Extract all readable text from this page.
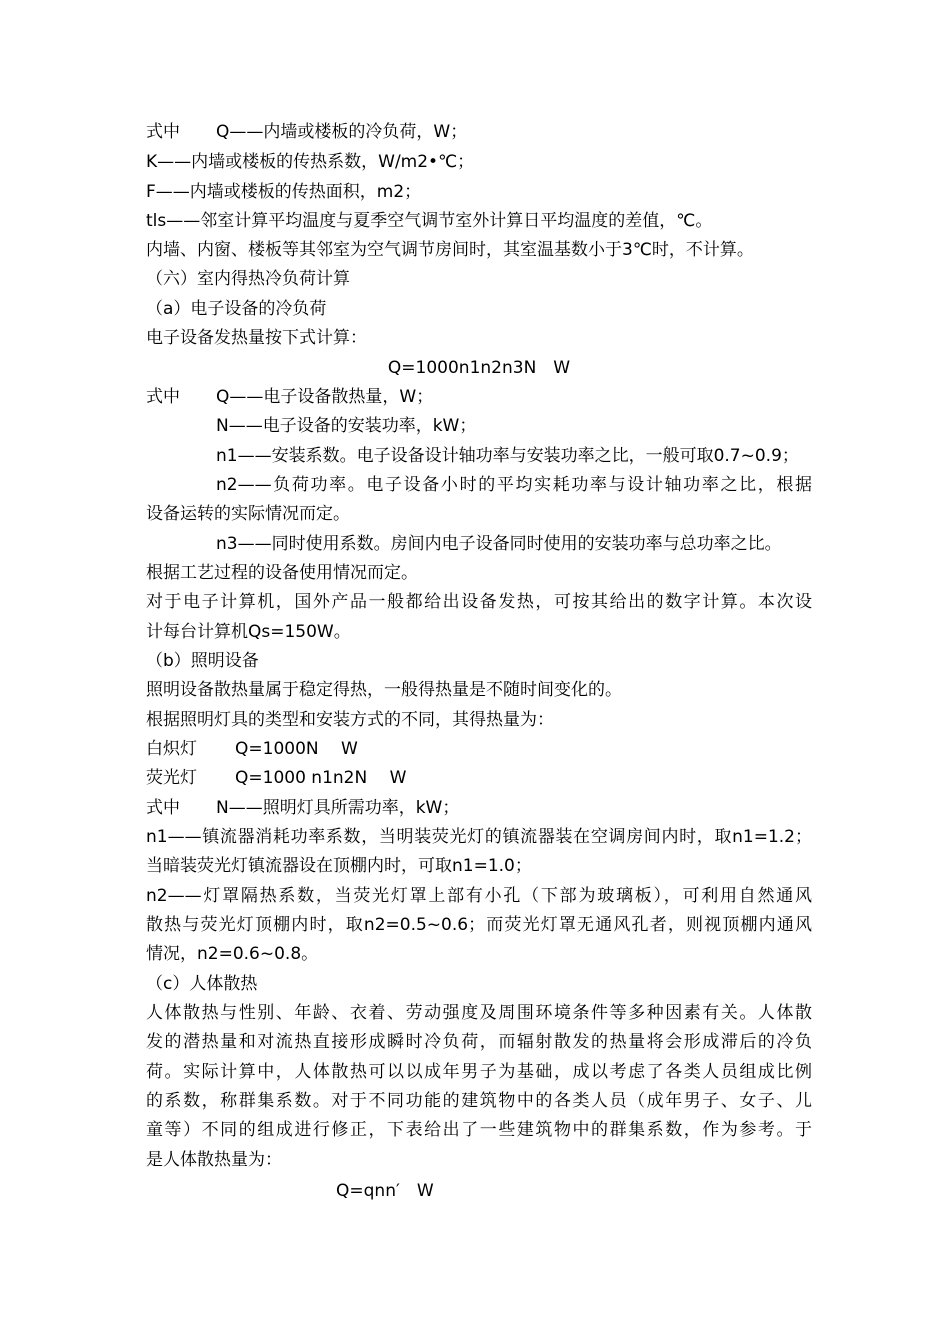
式中 Q——内墙或楼板的冷负荷，W；
K——内墙或楼板的传热系数，W/m2•℃；
F——内墙或楼板的传热面积，m2；
tls——邻室计算平均温度与夏季空气调节室外计算日平均温度的差值，℃。
内墙、内窗、楼板等其邻室为空气调节房间时，其室温基数小于3℃时，不计算。
（六）室内得热冷负荷计算
（a）电子设备的冷负荷
电子设备发热量按下式计算：
Q=1000n1n2n3N　W
式中 Q——电子设备散热量，W；
N——电子设备的安装功率，kW；
n1——安装系数。电子设备设计轴功率与安装功率之比，一般可取0.7~0.9；
n2——负荷功率。电子设备小时的平均实耗功率与设计轴功率之比，根据
设备运转的实际情况而定。
n3——同时使用系数。房间内电子设备同时使用的安装功率与总功率之比。
根据工艺过程的设备使用情况而定。
对于电子计算机，国外产品一般都给出设备发热，可按其给出的数字计算。本次设
计每台计算机Qs=150W。
（b）照明设备
照明设备散热量属于稳定得热，一般得热量是不随时间变化的。
根据照明灯具的类型和安装方式的不同，其得热量为：
白炽灯 Q=1000N　 W
荧光灯 Q=1000 n1n2N　 W
式中 N——照明灯具所需功率，kW；
n1——镇流器消耗功率系数，当明装荧光灯的镇流器装在空调房间内时，取n1=1.2；
当暗装荧光灯镇流器设在顶棚内时，可取n1=1.0；
n2——灯罩隔热系数，当荧光灯罩上部有小孔（下部为玻璃板），可利用自然通风
散热与荧光灯顶棚内时，取n2=0.5~0.6；而荧光灯罩无通风孔者，则视顶棚内通风
情况，n2=0.6~0.8。
（c）人体散热
人体散热与性别、年龄、衣着、劳动强度及周围环境条件等多种因素有关。人体散
发的潜热量和对流热直接形成瞬时冷负荷，而辐射散发的热量将会形成滞后的冷负
荷。实际计算中，人体散热可以以成年男子为基础，成以考虑了各类人员组成比例
的系数，称群集系数。对于不同功能的建筑物中的各类人员（成年男子、女子、儿
童等）不同的组成进行修正，下表给出了一些建筑物中的群集系数，作为参考。于
是人体散热量为：
Q=qnn′　W
